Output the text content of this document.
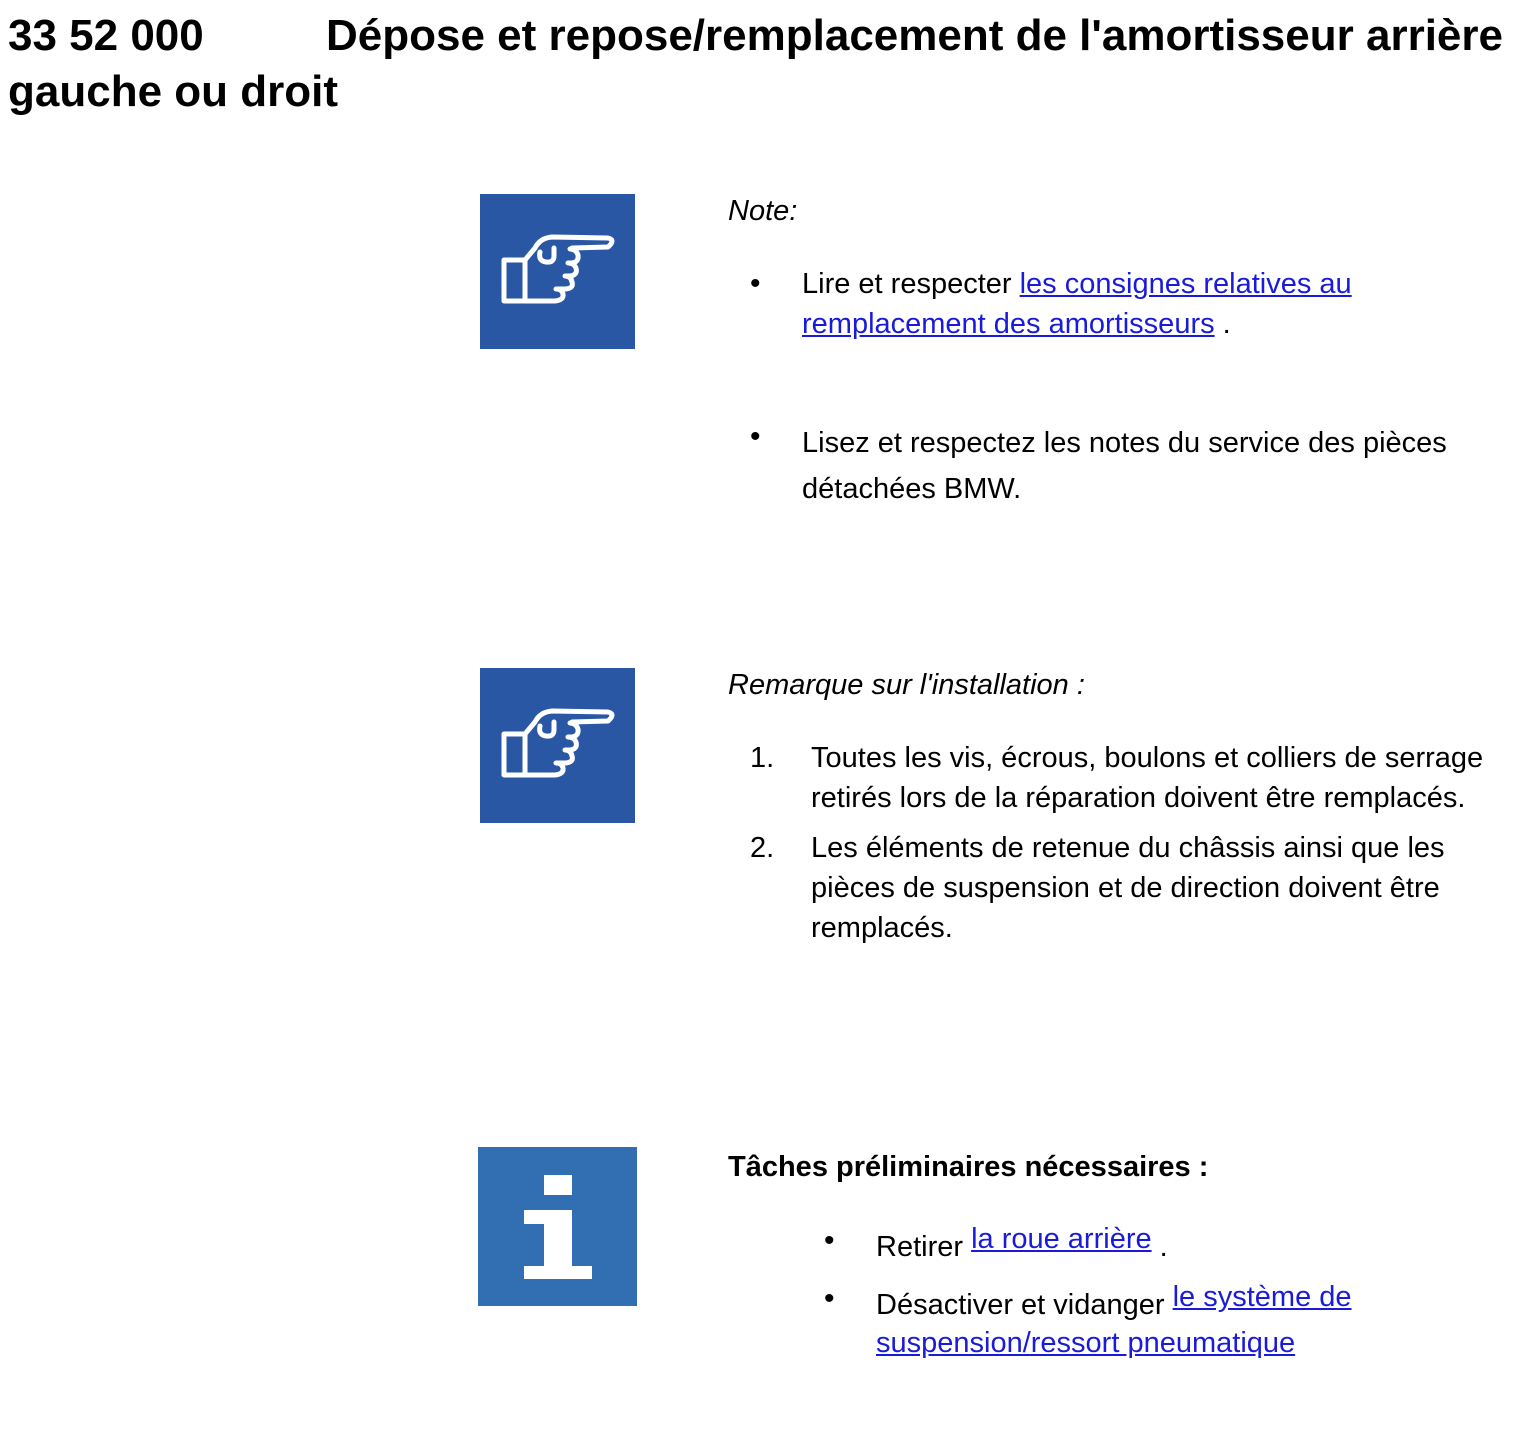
33 52 000	Dépose et repose/remplacement de l'amortisseur arrière gauche ou droit

Note:

• Lire et respecter les consignes relatives au remplacement des amortisseurs .
• Lisez et respectez les notes du service des pièces détachées BMW.

Remarque sur l'installation :

1. Toutes les vis, écrous, boulons et colliers de serrage retirés lors de la réparation doivent être remplacés.
2. Les éléments de retenue du châssis ainsi que les pièces de suspension et de direction doivent être remplacés.

Tâches préliminaires nécessaires :

• Retirer la roue arrière .
• Désactiver et vidanger le système de suspension/ressort pneumatique
